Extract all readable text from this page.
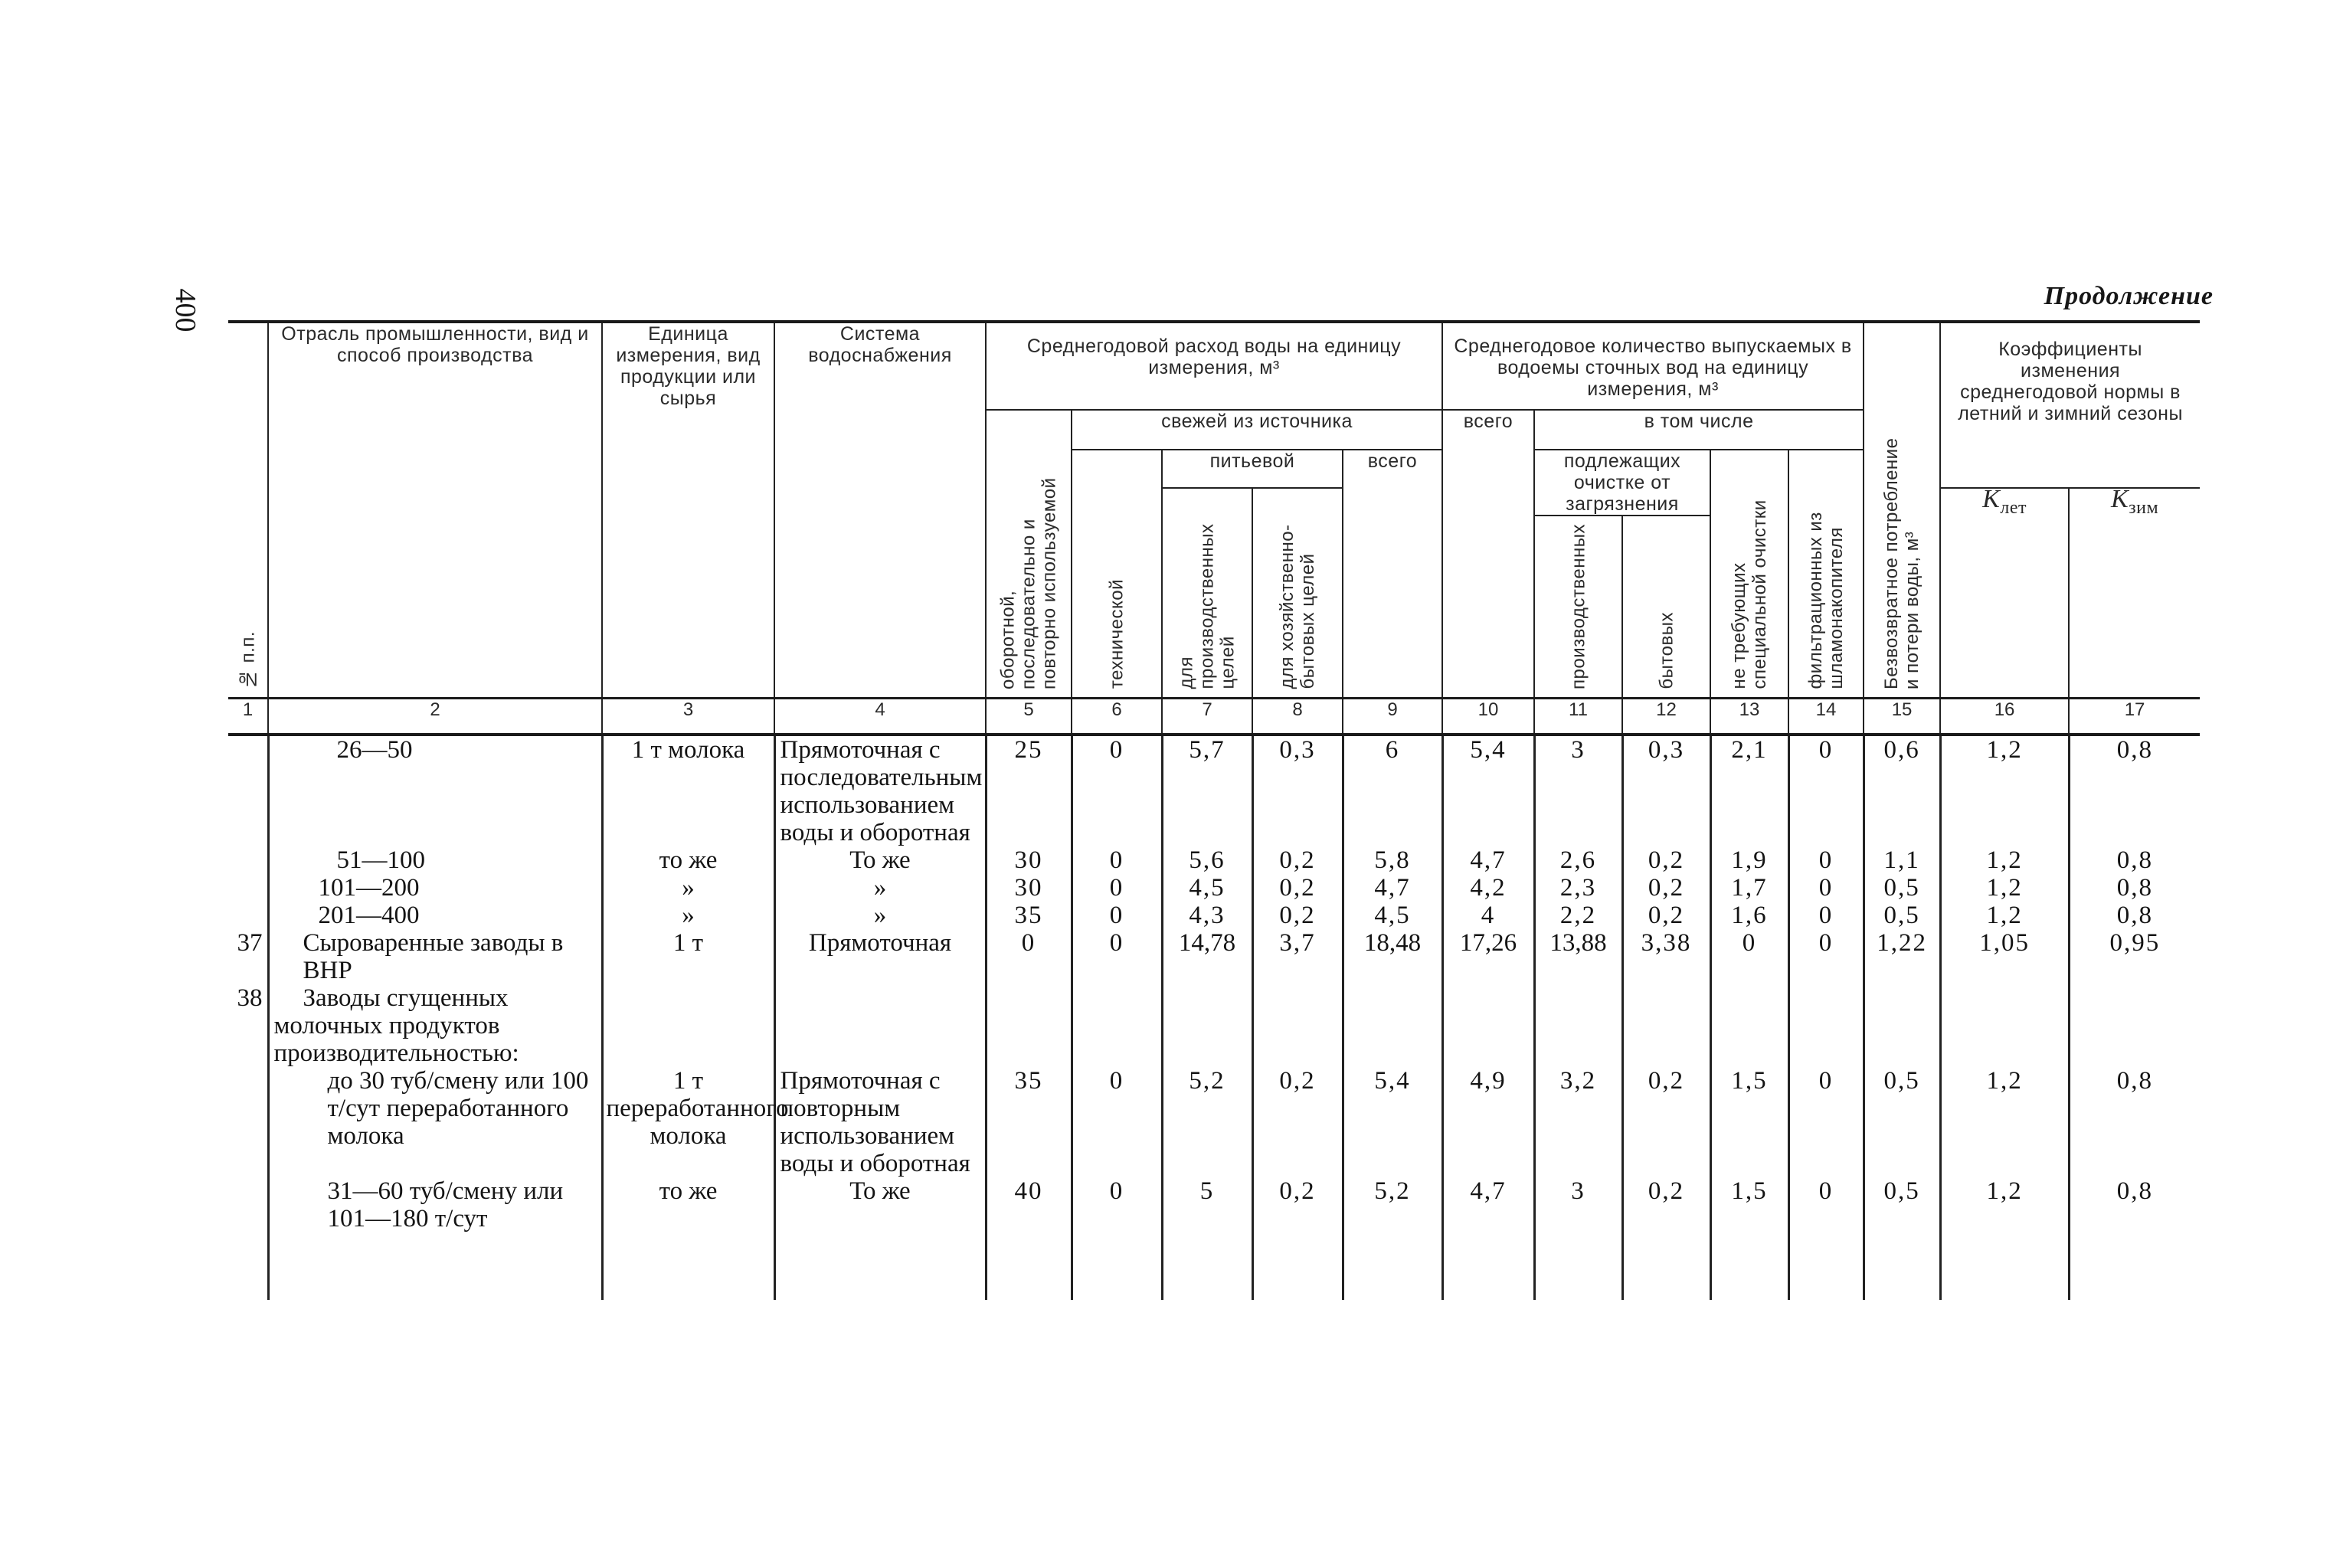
400	Продолжение
№ п.п.	Отрасль промышленности, вид и способ производства	Единица измерения, вид продукции или сырья	Система водоснабжения	Среднегодовой расход воды на единицу измерения, м³					Среднегодовое количество выпускаемых в водоемы сточных вод на единицу измерения, м³					Безвозвратное потребление и потери воды, м³	Коэффициенты изменения среднегодовой нормы в летний и зимний сезоны	

				оборотной, последовательно и повторно используемой	свежей из источника				всего	в том числе						

					технической	питьевой		всего		подлежащих очистке от загрязнения		не требующих специальной очистки	фильтрационных из шламонакопителя			

						для производственных целей	для хозяйственно-бытовых целей								$K_{лет}$	$K_{зим}$

										производственных	бытовых					

1	2	3	4	5	6	7	8	9	10	11	12	13	14	15	16	17
	26—50	1 т молока	Прямоточная с последовательным использованием воды и оборотная	25	0	5,7	0,3	6	5,4	3	0,3	2,1	0	0,6	1,2	0,8
	51—100	то же	То же	30	0	5,6	0,2	5,8	4,7	2,6	0,2	1,9	0	1,1	1,2	0,8
	101—200	»	»	30	0	4,5	0,2	4,7	4,2	2,3	0,2	1,7	0	0,5	1,2	0,8
	201—400	»	»	35	0	4,3	0,2	4,5	4	2,2	0,2	1,6	0	0,5	1,2	0,8
37	Сыроваренные заводы в ВНР	1 т	Прямоточная	0	0	14,78	3,7	18,48	17,26	13,88	3,38	0	0	1,22	1,05	0,95
38	Заводы сгущенных молочных продуктов производительностью:															
	до 30 туб/смену или 100 т/сут переработанного молока	1 т переработанного молока	Прямоточная с повторным использованием воды и оборотная	35	0	5,2	0,2	5,4	4,9	3,2	0,2	1,5	0	0,5	1,2	0,8
	31—60 туб/смену или 101—180 т/сут	то же	То же	40	0	5	0,2	5,2	4,7	3	0,2	1,5	0	0,5	1,2	0,8
